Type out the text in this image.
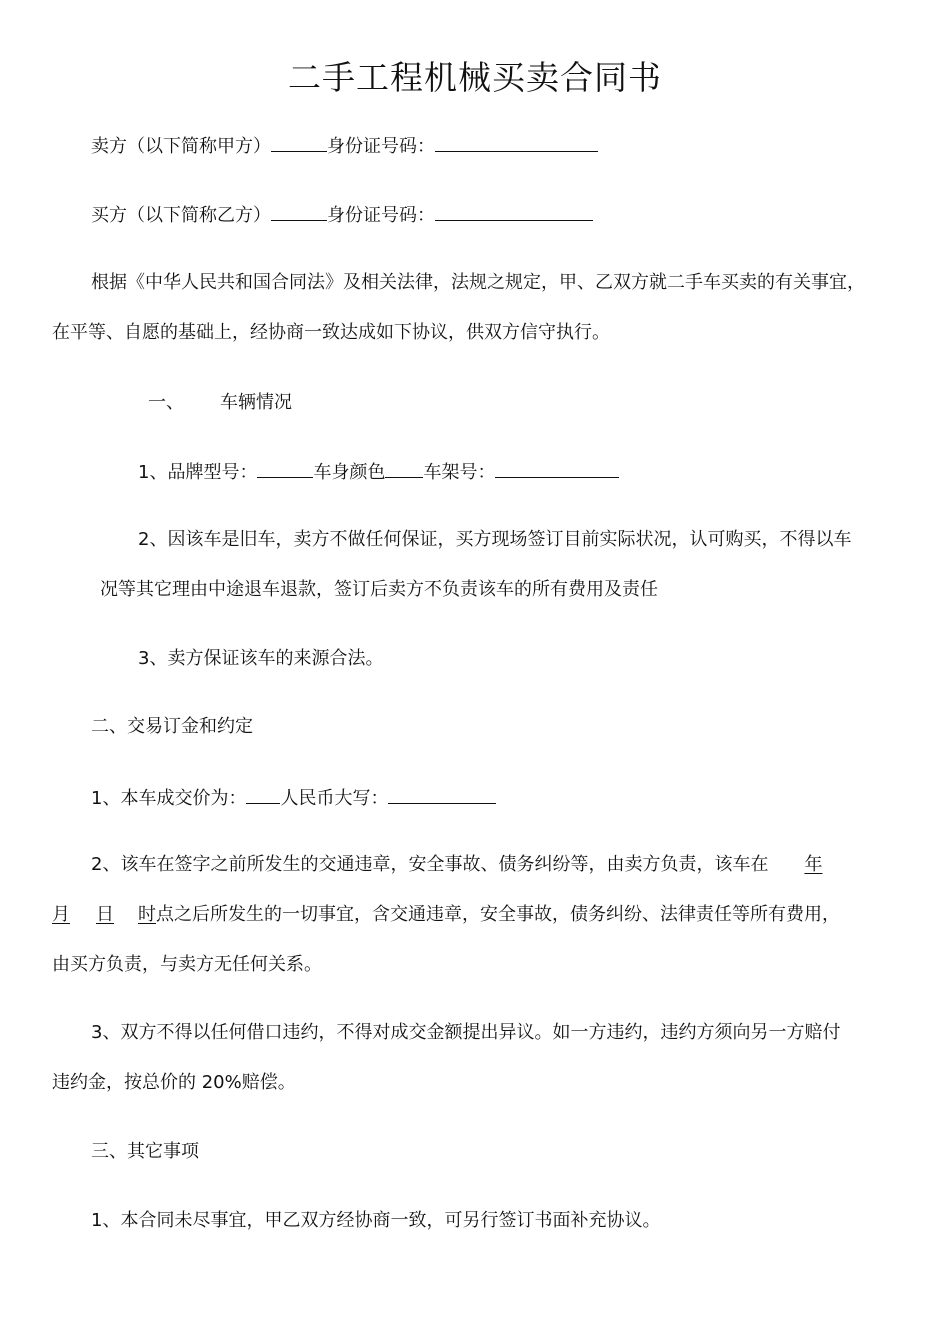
二手工程机械买卖合同书
卖方（以下简称甲方）	身份证号码：
买方（以下简称乙方）	身份证号码：
根据《中华人民共和国合同法》及相关法律，法规之规定，甲、乙双方就二手车买卖的有关事宜，
在平等、自愿的基础上，经协商一致达成如下协议，供双方信守执行。
一、 车辆情况
1、品牌型号：	车身颜色 车架号：
2、因该车是旧车，卖方不做任何保证，买方现场签订目前实际状况，认可购买，不得以车
况等其它理由中途退车退款，签订后卖方不负责该车的所有费用及责任
3、卖方保证该车的来源合法。
二、交易订金和约定
1、本车成交价为： 人民币大写：
2、该车在签字之前所发生的交通违章，安全事故、债务纠纷等，由卖方负责，该车在 年
月 日 时点之后所发生的一切事宜，含交通违章，安全事故，债务纠纷、法律责任等所有费用，
由买方负责，与卖方无任何关系。
3、双方不得以任何借口违约，不得对成交金额提出异议。如一方违约，违约方须向另一方赔付
违约金，按总价的 20%赔偿。
三、其它事项
1、本合同未尽事宜，甲乙双方经协商一致，可另行签订书面补充协议。
